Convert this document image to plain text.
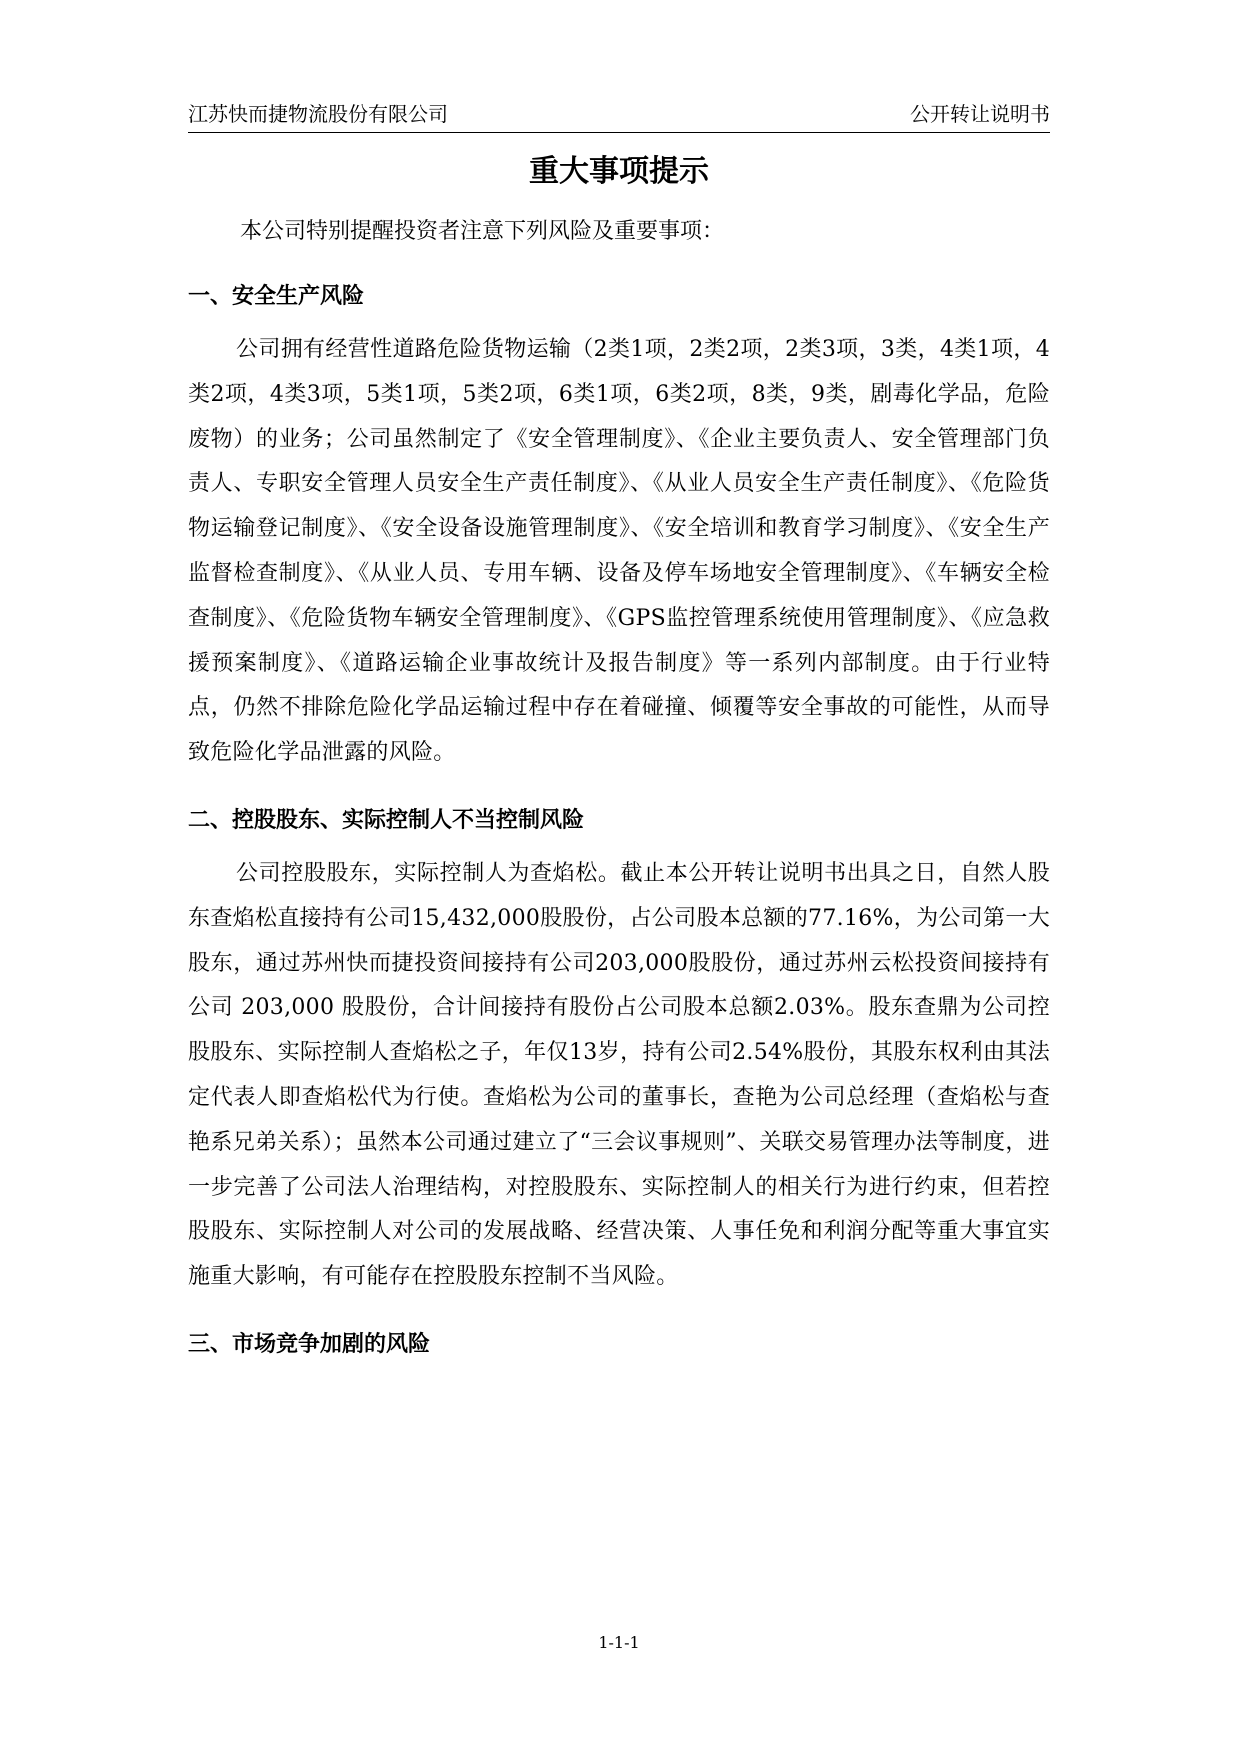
江苏快而捷物流股份有限公司	公开转让说明书
重大事项提示

本公司特别提醒投资者注意下列风险及重要事项：

一、安全生产风险

公司拥有经营性道路危险货物运输（2类1项，2类2项，2类3项，3类，4类1项，4类2项，4类3项，5类1项，5类2项，6类1项，6类2项，8类，9类，剧毒化学品，危险废物）的业务；公司虽然制定了《安全管理制度》、《企业主要负责人、安全管理部门负责人、专职安全管理人员安全生产责任制度》、《从业人员安全生产责任制度》、《危险货物运输登记制度》、《安全设备设施管理制度》、《安全培训和教育学习制度》、《安全生产监督检查制度》、《从业人员、专用车辆、设备及停车场地安全管理制度》、《车辆安全检查制度》、《危险货物车辆安全管理制度》、《GPS监控管理系统使用管理制度》、《应急救援预案制度》、《道路运输企业事故统计及报告制度》等一系列内部制度。由于行业特点，仍然不排除危险化学品运输过程中存在着碰撞、倾覆等安全事故的可能性，从而导致危险化学品泄露的风险。

二、控股股东、实际控制人不当控制风险

公司控股股东，实际控制人为查焰松。截止本公开转让说明书出具之日，自然人股东查焰松直接持有公司15,432,000股股份，占公司股本总额的77.16%，为公司第一大股东，通过苏州快而捷投资间接持有公司203,000股股份，通过苏州云松投资间接持有公司 203,000 股股份，合计间接持有股份占公司股本总额2.03%。股东查鼎为公司控股股东、实际控制人查焰松之子，年仅13岁，持有公司2.54%股份，其股东权利由其法定代表人即查焰松代为行使。查焰松为公司的董事长，查艳为公司总经理（查焰松与查艳系兄弟关系）；虽然本公司通过建立了“三会议事规则”、关联交易管理办法等制度，进一步完善了公司法人治理结构，对控股股东、实际控制人的相关行为进行约束，但若控股股东、实际控制人对公司的发展战略、经营决策、人事任免和利润分配等重大事宜实施重大影响，有可能存在控股股东控制不当风险。

三、市场竞争加剧的风险
1-1-1
